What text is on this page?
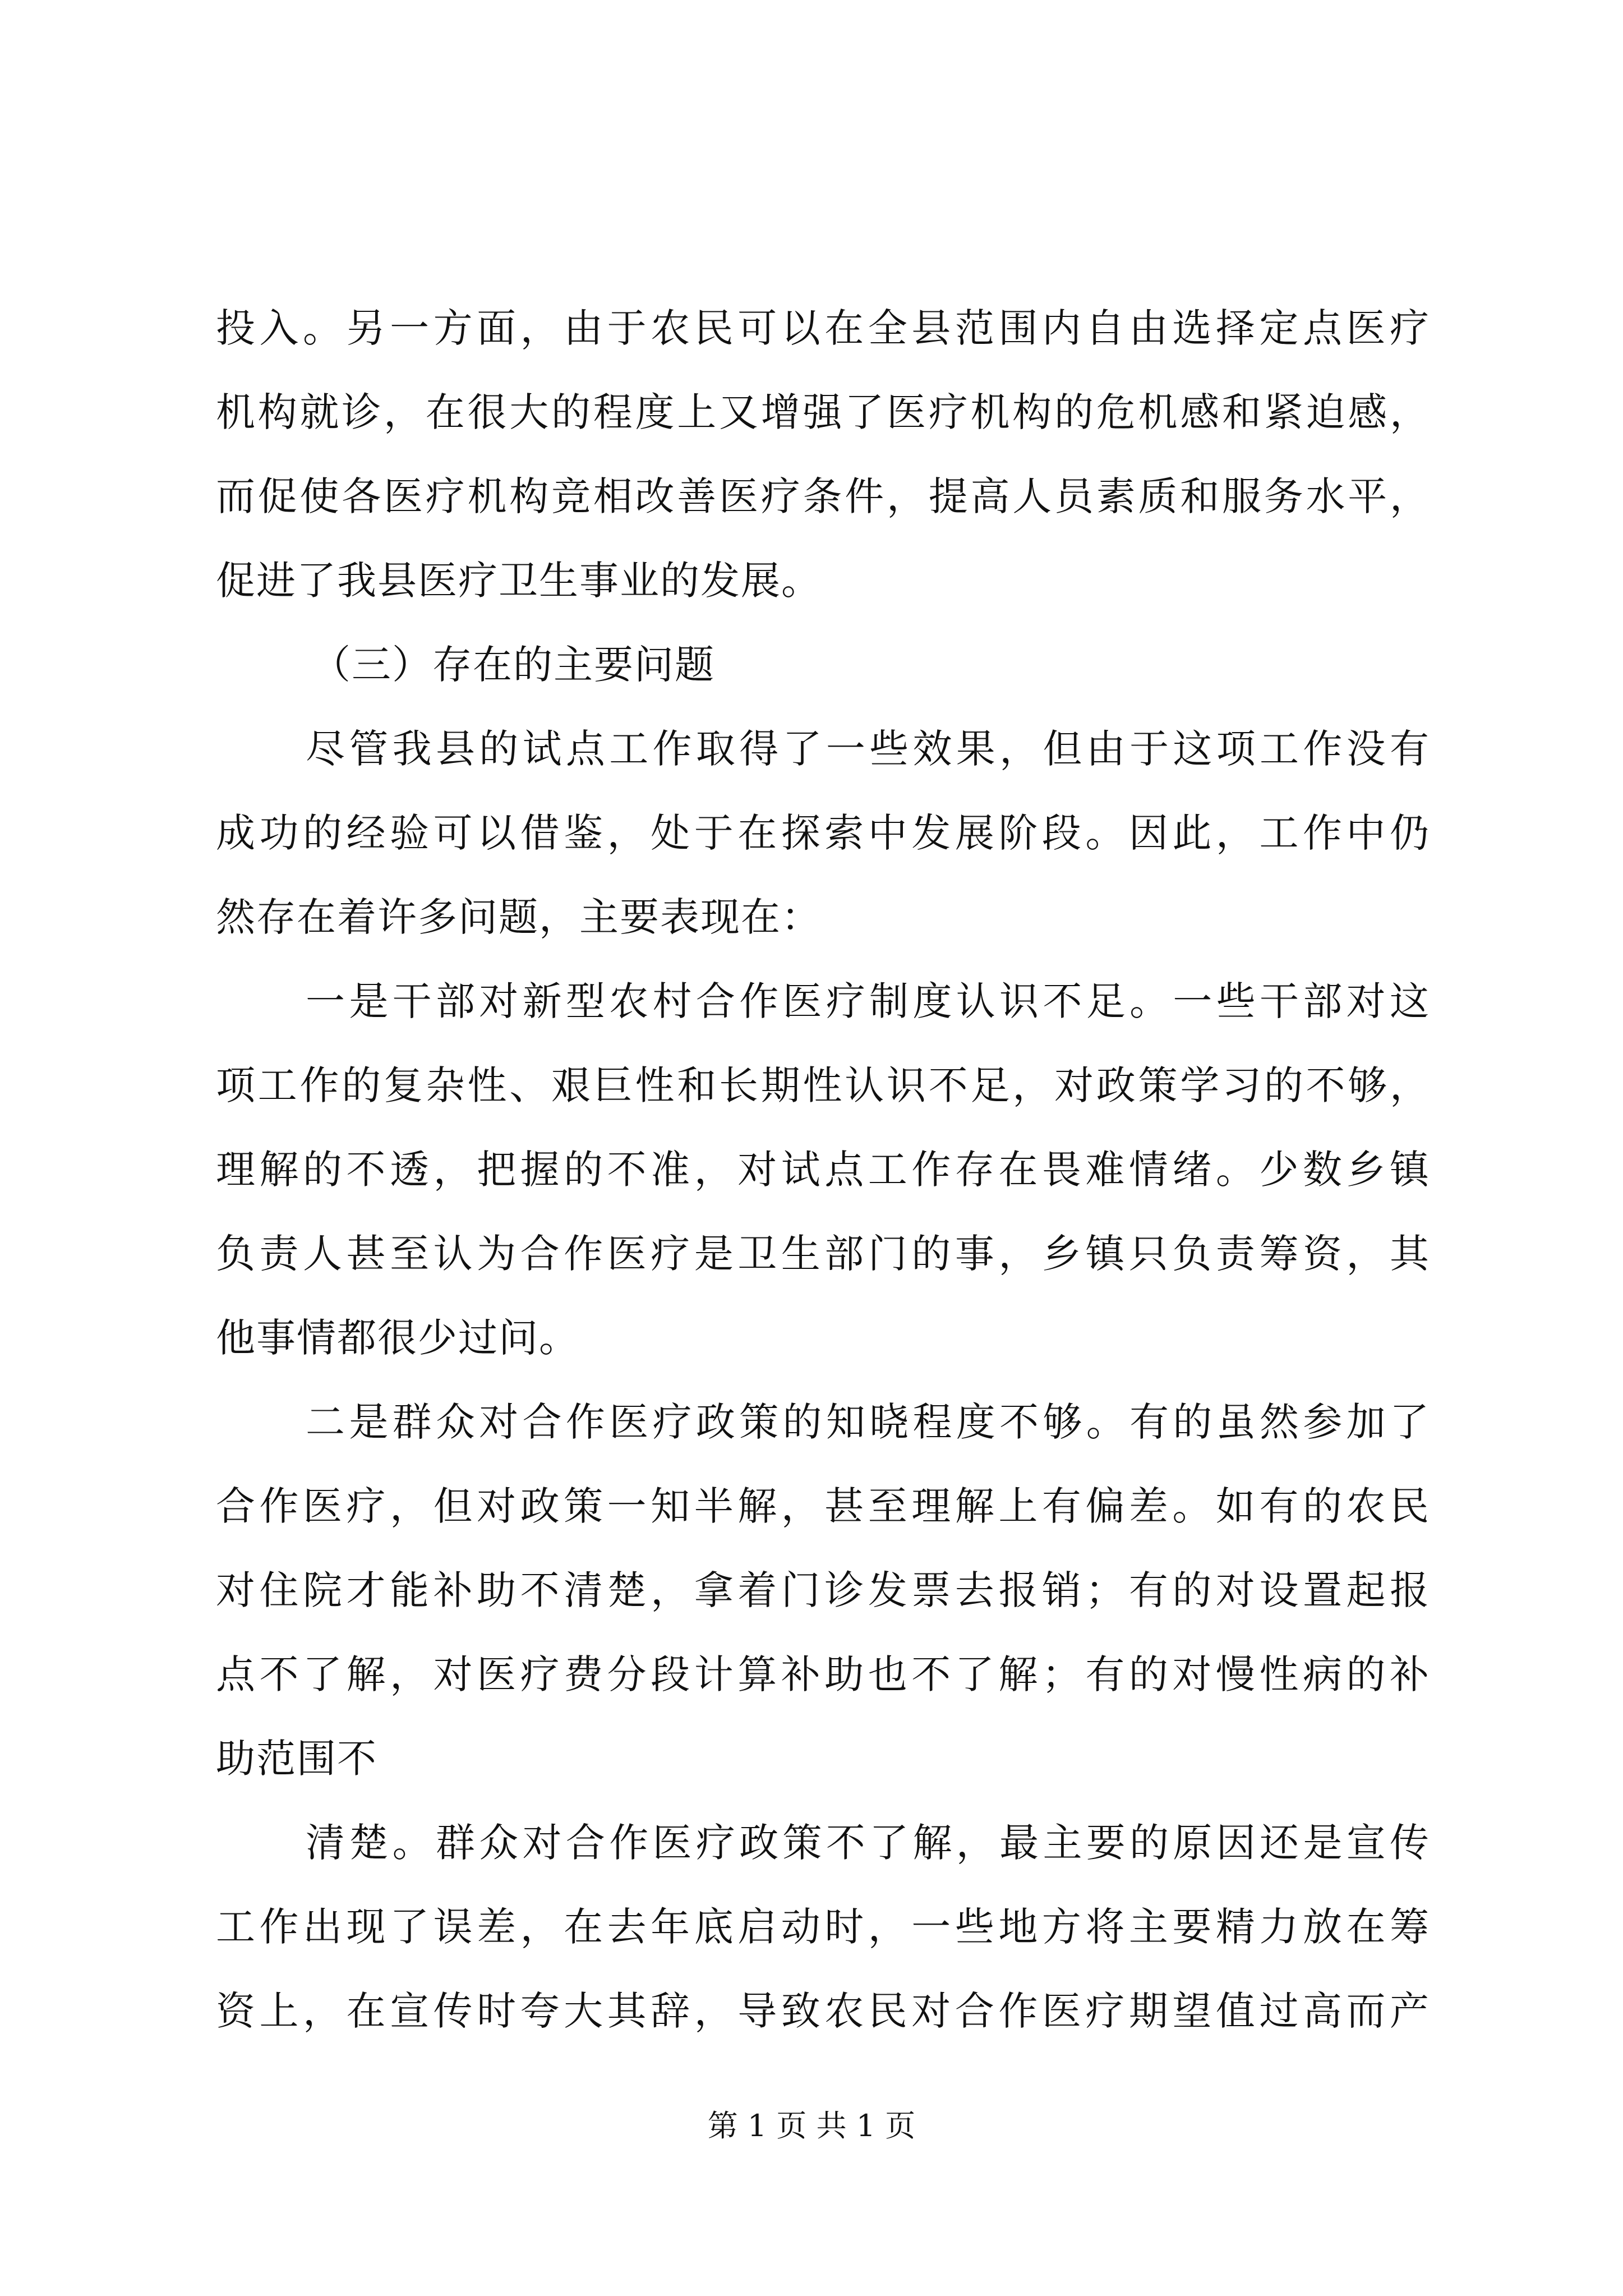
投入。另一方面，由于农民可以在全县范围内自由选择定点医疗
机构就诊，在很大的程度上又增强了医疗机构的危机感和紧迫感，
而促使各医疗机构竞相改善医疗条件，提高人员素质和服务水平，
促进了我县医疗卫生事业的发展。
（三）存在的主要问题
尽管我县的试点工作取得了一些效果，但由于这项工作没有
成功的经验可以借鉴，处于在探索中发展阶段。因此，工作中仍
然存在着许多问题，主要表现在：
一是干部对新型农村合作医疗制度认识不足。一些干部对这
项工作的复杂性、艰巨性和长期性认识不足，对政策学习的不够，
理解的不透，把握的不准，对试点工作存在畏难情绪。少数乡镇
负责人甚至认为合作医疗是卫生部门的事，乡镇只负责筹资，其
他事情都很少过问。
二是群众对合作医疗政策的知晓程度不够。有的虽然参加了
合作医疗，但对政策一知半解，甚至理解上有偏差。如有的农民
对住院才能补助不清楚，拿着门诊发票去报销；有的对设置起报
点不了解，对医疗费分段计算补助也不了解；有的对慢性病的补
助范围不
清楚。群众对合作医疗政策不了解，最主要的原因还是宣传
工作出现了误差，在去年底启动时，一些地方将主要精力放在筹
资上，在宣传时夸大其辞，导致农民对合作医疗期望值过高而产
第 1 页 共 1 页
